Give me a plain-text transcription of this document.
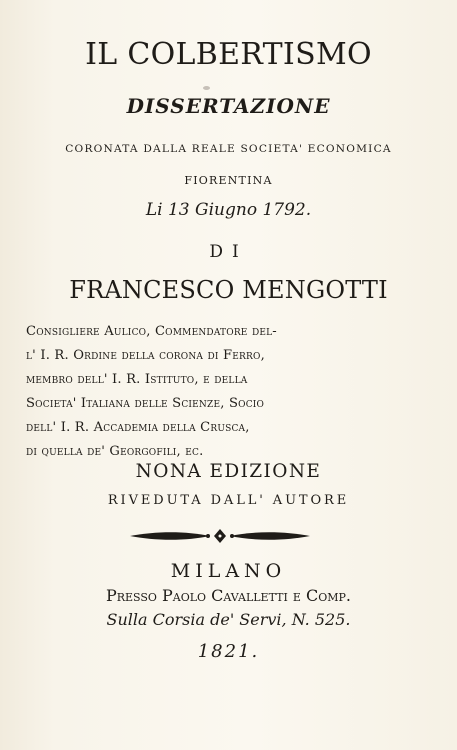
IL COLBERTISMO
DISSERTAZIONE
CORONATA DALLA REALE SOCIETA' ECONOMICA
FIORENTINA
Li 13 Giugno 1792.
DI
FRANCESCO MENGOTTI
Consigliere Aulico, Commendatore del-
l' I. R. Ordine della corona di Ferro,
membro dell' I. R. Istituto, e della
Societa' Italiana delle Scienze, Socio
dell' I. R. Accademia della Crusca,
di quella de' Georgofili, ec.
NONA EDIZIONE
RIVEDUTA DALL' AUTORE
MILANO
Presso Paolo Cavalletti e Comp.
Sulla Corsia de' Servi, N. 525.
1821.
